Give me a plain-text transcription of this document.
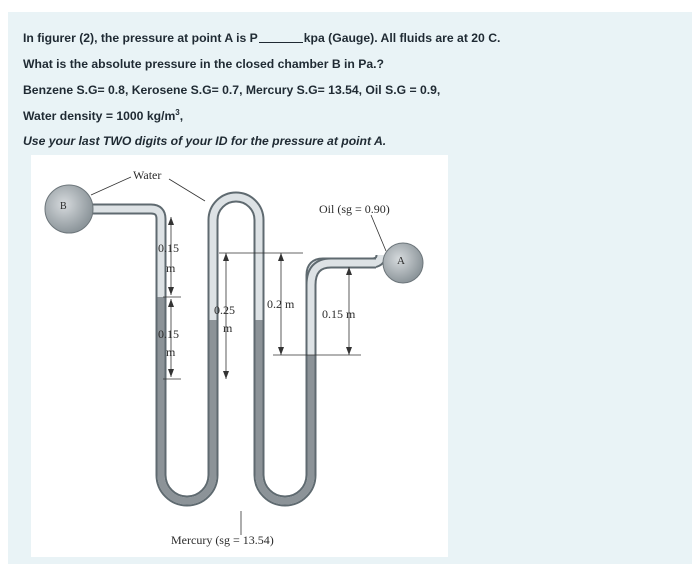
In figurer (2), the pressure at point A is P	kpa (Gauge). All fluids are at 20 C.
What is the absolute pressure in the closed chamber B in Pa.?
Benzene S.G= 0.8, Kerosene S.G= 0.7, Mercury S.G= 13.54, Oil S.G = 0.9,
Water density = 1000 $kg/m^3$,
Use your last TWO digits of your ID for the pressure at point A.
Water
Oil (sg = 0.90)
Mercury (sg = 13.54)
B
A
0.15
m
0.15
m
0.25
m
0.2 m
0.15 m
